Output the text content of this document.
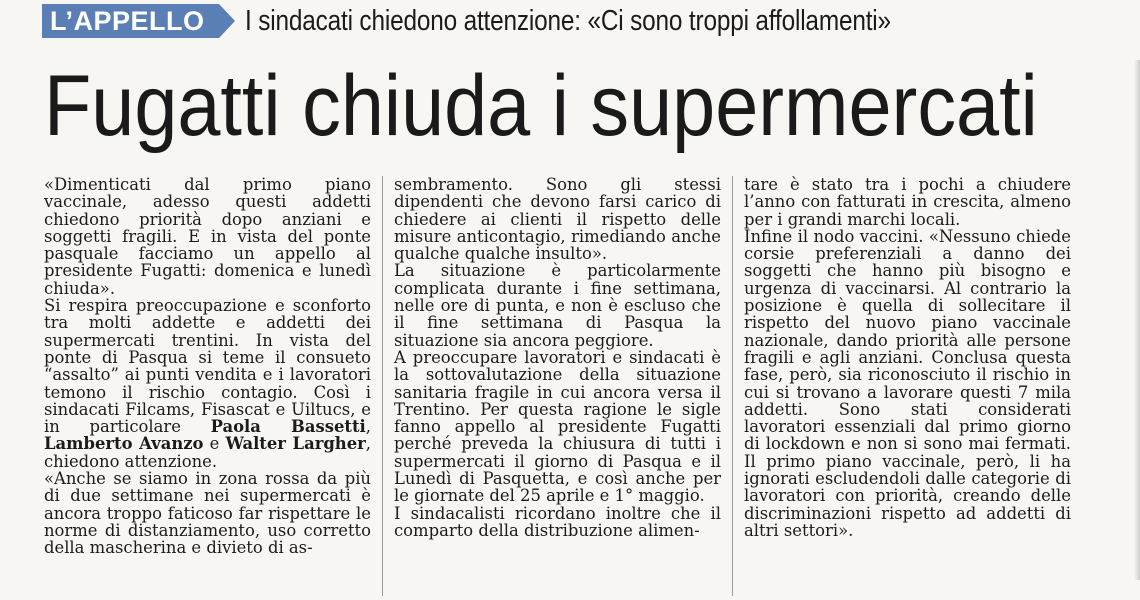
L’APPELLO	I sindacati chiedono attenzione: «Ci sono troppi affollamenti»
Fugatti chiuda i supermercati

«Dimenticati dal primo piano vaccinale, adesso questi addetti chiedono priorità dopo anziani e soggetti fragili. E in vista del ponte pasquale facciamo un appello al presidente Fugatti: domenica e lunedì chiuda».

Si respira preoccupazione e sconforto tra molti addette e addetti dei supermercati trentini. In vista del ponte di Pasqua si teme il consueto “assalto” ai punti vendita e i lavoratori temono il rischio contagio. Così i sindacati Filcams, Fisascat e Uiltucs, e in particolare Paola Bassetti, Lamberto Avanzo e Walter Largher, chiedono attenzione.

«Anche se siamo in zona rossa da più di due settimane nei supermercati è ancora troppo faticoso far rispettare le norme di distanziamento, uso corretto della mascherina e divieto di as-

sembramento. Sono gli stessi dipendenti che devono farsi carico di chiedere ai clienti il rispetto delle misure anticontagio, rimediando anche qualche qualche insulto».

La situazione è particolarmente complicata durante i fine settimana, nelle ore di punta, e non è escluso che il fine settimana di Pasqua la situazione sia ancora peggiore.

A preoccupare lavoratori e sindacati è la sottovalutazione della situazione sanitaria fragile in cui ancora versa il Trentino. Per questa ragione le sigle fanno appello al presidente Fugatti perché preveda la chiusura di tutti i supermercati il giorno di Pasqua e il Lunedì di Pasquetta, e così anche per le giornate del 25 aprile e 1° maggio.

I sindacalisti ricordano inoltre che il comparto della distribuzione alimen-

tare è stato tra i pochi a chiudere l’anno con fatturati in crescita, almeno per i grandi marchi locali.

Infine il nodo vaccini. «Nessuno chiede corsie preferenziali a danno dei soggetti che hanno più bisogno e urgenza di vaccinarsi. Al contrario la posizione è quella di sollecitare il rispetto del nuovo piano vaccinale nazionale, dando priorità alle persone fragili e agli anziani. Conclusa questa fase, però, sia riconosciuto il rischio in cui si trovano a lavorare questi 7 mila addetti. Sono stati considerati lavoratori essenziali dal primo giorno di lockdown e non si sono mai fermati. Il primo piano vaccinale, però, li ha ignorati escludendoli dalle categorie di lavoratori con priorità, creando delle discriminazioni rispetto ad addetti di altri settori».
